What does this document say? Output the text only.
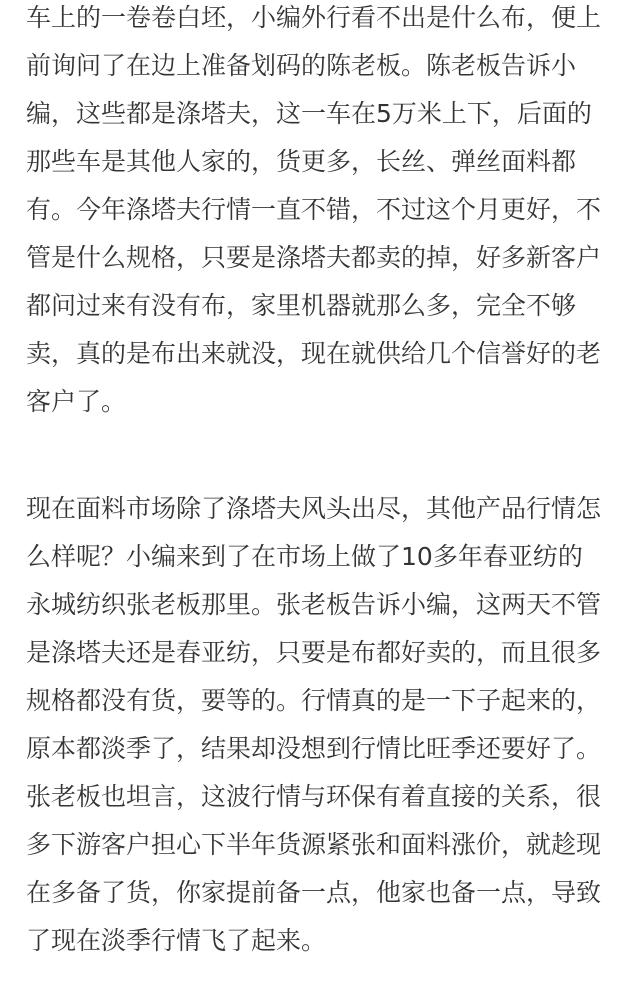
车上的一卷卷白坯，小编外行看不出是什么布，便上
前询问了在边上准备划码的陈老板。陈老板告诉小
编，这些都是涤塔夫，这一车在5万米上下，后面的
那些车是其他人家的，货更多，长丝、弹丝面料都
有。今年涤塔夫行情一直不错，不过这个月更好，不
管是什么规格，只要是涤塔夫都卖的掉，好多新客户
都问过来有没有布，家里机器就那么多，完全不够
卖，真的是布出来就没，现在就供给几个信誉好的老
客户了。
现在面料市场除了涤塔夫风头出尽，其他产品行情怎
么样呢？小编来到了在市场上做了10多年春亚纺的
永城纺织张老板那里。张老板告诉小编，这两天不管
是涤塔夫还是春亚纺，只要是布都好卖的，而且很多
规格都没有货，要等的。行情真的是一下子起来的，
原本都淡季了，结果却没想到行情比旺季还要好了。
张老板也坦言，这波行情与环保有着直接的关系，很
多下游客户担心下半年货源紧张和面料涨价，就趁现
在多备了货，你家提前备一点，他家也备一点，导致
了现在淡季行情飞了起来。
